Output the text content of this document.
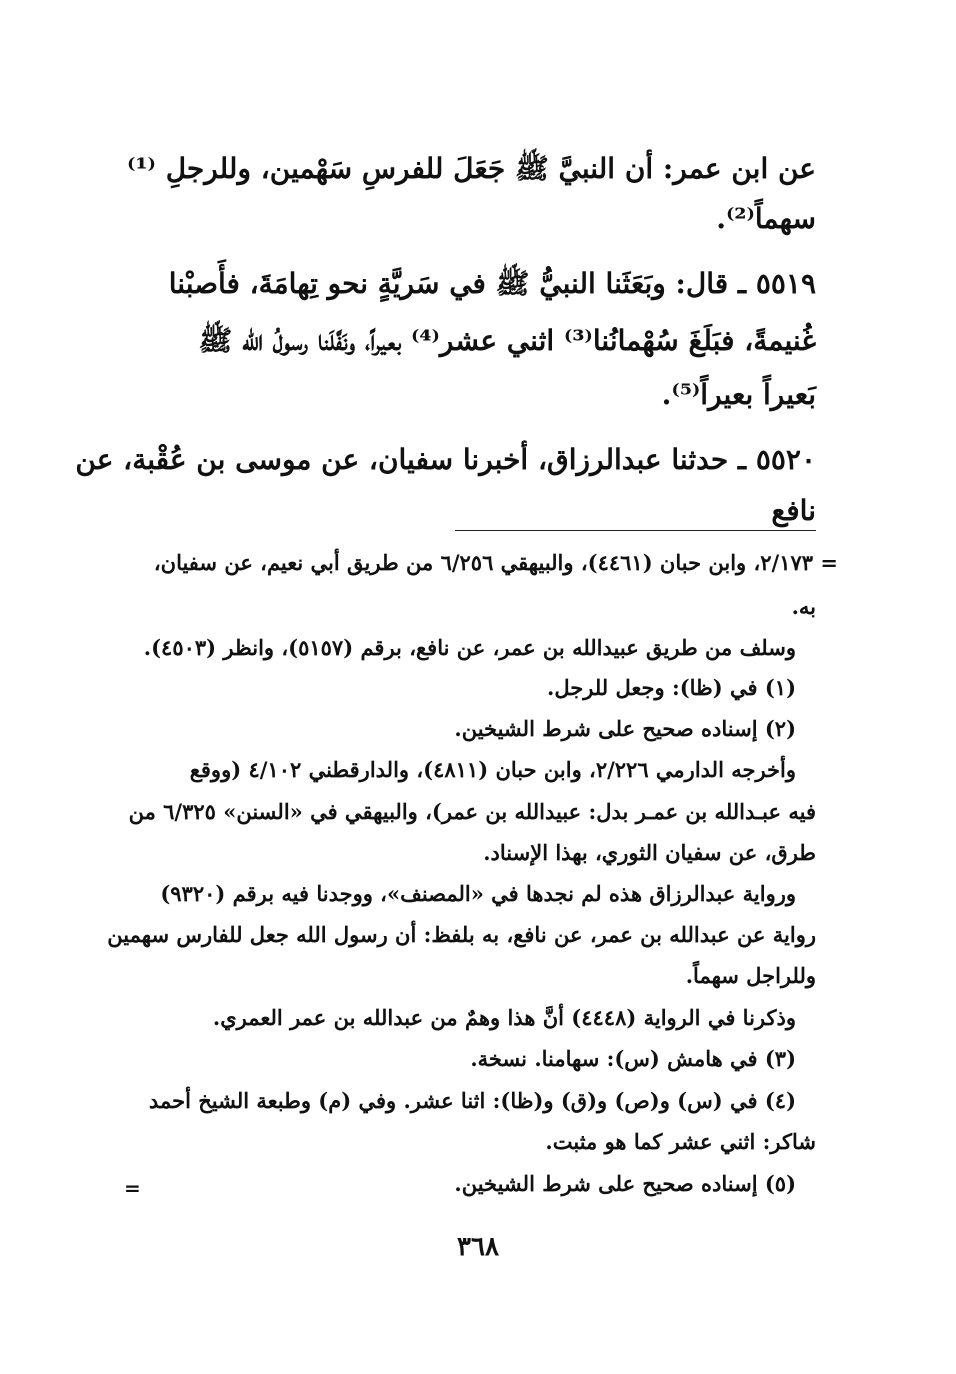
عن ابن عمر: أن النبيَّ ﷺ جَعَلَ للفرسِ سَهْمين، وللرجلِ ⁽¹⁾
سهماً⁽²⁾.
٥٥١٩ ـ قال: وبَعَثَنا النبيُّ ﷺ في سَريَّةٍ نحو تِهامَةَ، فأَصبْنا
غُنيمةً، فبَلَغَ سُهْمانُنا⁽³⁾ اثني عشر⁽⁴⁾ بعيراً، ونَفَّلَنا رسولُ الله ﷺ
بَعيراً بعيراً⁽⁵⁾.
٥٥٢٠ ـ حدثنا عبدالرزاق، أخبرنا سفيان، عن موسى بن عُقْبة، عن
نافع
= ٢/١٧٣، وابن حبان (٤٤٦١)، والبيهقي ٦/٢٥٦ من طريق أبي نعيم، عن سفيان،
به.
وسلف من طريق عبيدالله بن عمر، عن نافع، برقم (٥١٥٧)، وانظر (٤٥٠٣).
(١) في (ظا): وجعل للرجل.
(٢) إسناده صحيح على شرط الشيخين.
وأخرجه الدارمي ٢/٢٢٦، وابن حبان (٤٨١١)، والدارقطني ٤/١٠٢ (ووقع
فيه عبـدالله بن عمـر بدل: عبيدالله بن عمر)، والبيهقي في «السنن» ٦/٣٢٥ من
طرق، عن سفيان الثوري، بهذا الإسناد.
ورواية عبدالرزاق هذه لم نجدها في «المصنف»، ووجدنا فيه برقم (٩٣٢٠)
رواية عن عبدالله بن عمر، عن نافع، به بلفظ: أن رسول الله جعل للفارس سهمين
وللراجل سهماً.
وذكرنا في الرواية (٤٤٤٨) أنَّ هذا وهمٌ من عبدالله بن عمر العمري.
(٣) في هامش (س): سهامنا. نسخة.
(٤) في (س) و(ص) و(ق) و(ظا): اثنا عشر. وفي (م) وطبعة الشيخ أحمد
شاكر: اثني عشر كما هو مثبت.
(٥) إسناده صحيح على شرط الشيخين.
=
٣٦٨
